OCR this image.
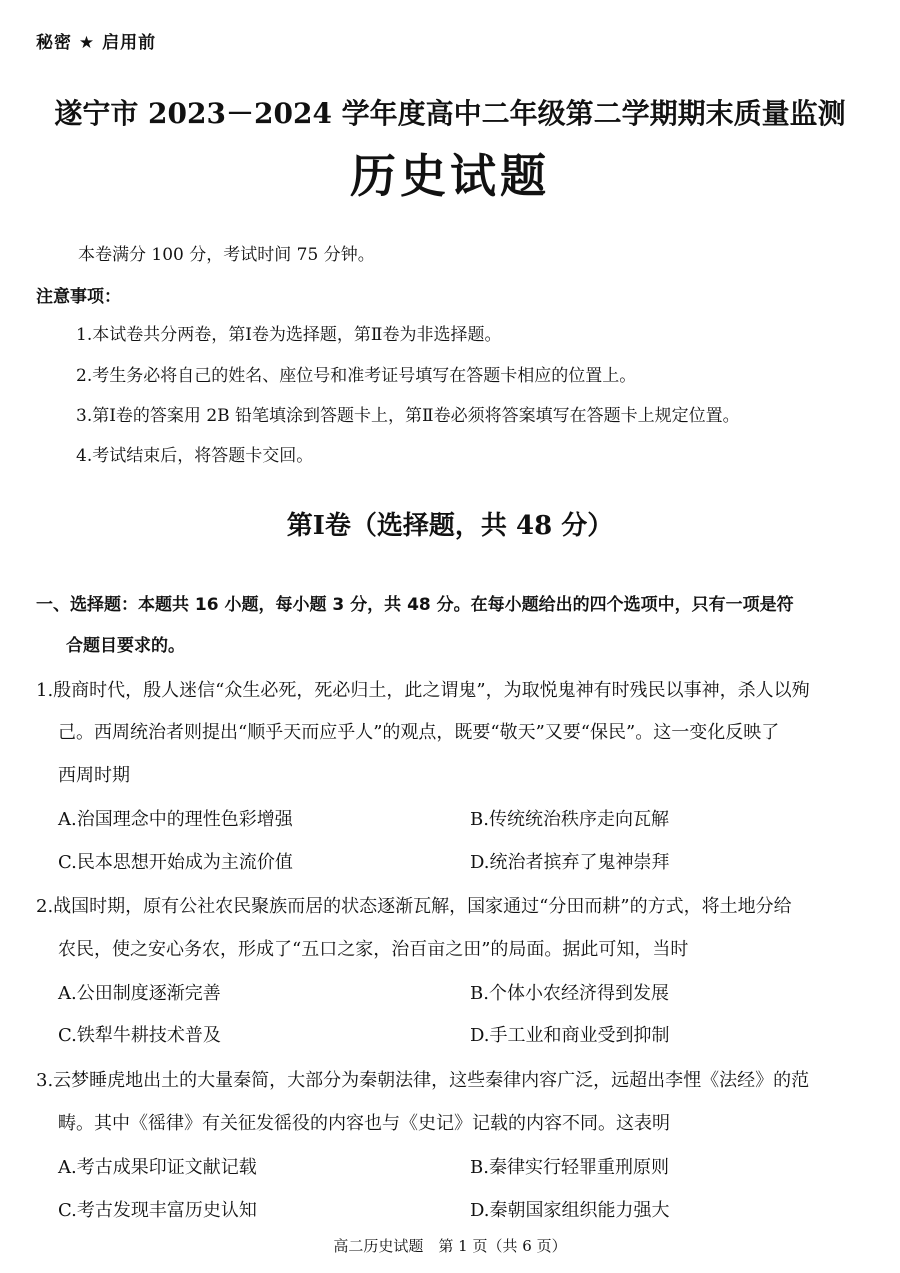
秘密 ★ 启用前
遂宁市 2023－2024 学年度高中二年级第二学期期末质量监测
历史试题
本卷满分 100 分，考试时间 75 分钟。
注意事项：
1.本试卷共分两卷，第Ⅰ卷为选择题，第Ⅱ卷为非选择题。
2.考生务必将自己的姓名、座位号和准考证号填写在答题卡相应的位置上。
3.第Ⅰ卷的答案用 2B 铅笔填涂到答题卡上，第Ⅱ卷必须将答案填写在答题卡上规定位置。
4.考试结束后，将答题卡交回。
第Ⅰ卷（选择题，共 48 分）
一、选择题：本题共 16 小题，每小题 3 分，共 48 分。在每小题给出的四个选项中，只有一项是符
合题目要求的。
1.殷商时代，殷人迷信“众生必死，死必归土，此之谓鬼”，为取悦鬼神有时残民以事神，杀人以殉
己。西周统治者则提出“顺乎天而应乎人”的观点，既要“敬天”又要“保民”。这一变化反映了
西周时期
A.治国理念中的理性色彩增强	B.传统统治秩序走向瓦解
C.民本思想开始成为主流价值	D.统治者摈弃了鬼神崇拜
2.战国时期，原有公社农民聚族而居的状态逐渐瓦解，国家通过“分田而耕”的方式，将土地分给
农民，使之安心务农，形成了“五口之家，治百亩之田”的局面。据此可知，当时
A.公田制度逐渐完善	B.个体小农经济得到发展
C.铁犁牛耕技术普及	D.手工业和商业受到抑制
3.云梦睡虎地出土的大量秦简，大部分为秦朝法律，这些秦律内容广泛，远超出李悝《法经》的范
畴。其中《徭律》有关征发徭役的内容也与《史记》记载的内容不同。这表明
A.考古成果印证文献记载	B.秦律实行轻罪重刑原则
C.考古发现丰富历史认知	D.秦朝国家组织能力强大
高二历史试题　第 1 页（共 6 页）
